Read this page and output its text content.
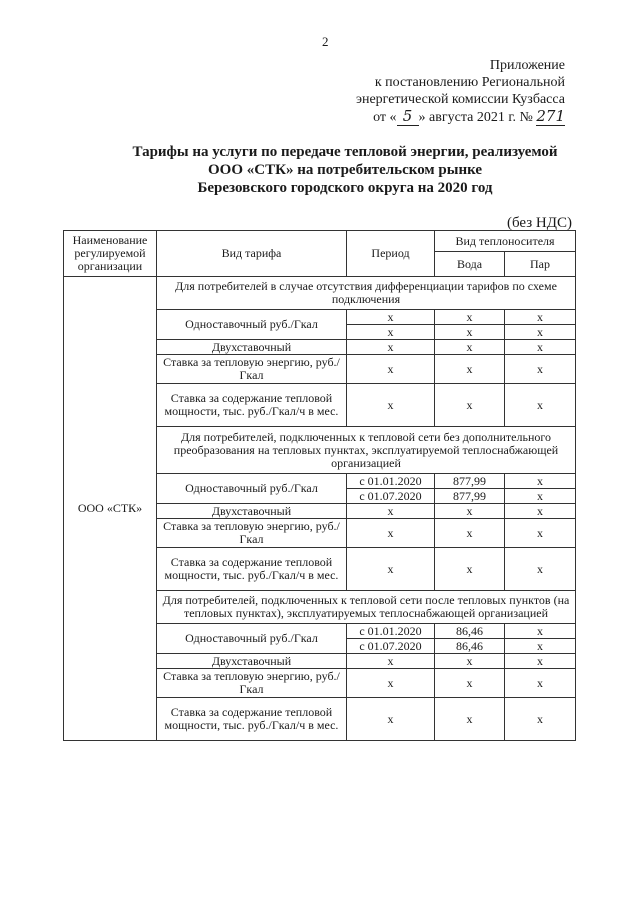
2
Приложение
к постановлению Региональной
энергетической комиссии Кузбасса
от « 5 » августа 2021 г. № 271
Тарифы на услуги по передаче тепловой энергии, реализуемой
ООО «СТК» на потребительском рынке
Березовского городского округа на 2020 год
(без НДС)
Наименование регулируемой организации	Вид тарифа	Период	Вид теплоносителя	
			Вода	Пар
ООО «СТК»	Для потребителей в случае отсутствия дифференциации тарифов по схеме подключения			
	Одноставочный руб./Гкал	х	х	х
		х	х	х
	Двухставочный	х	х	х
	Ставка за тепловую энергию, руб./Гкал	х	х	х
	Ставка за содержание тепловой мощности, тыс. руб./Гкал/ч в мес.	х	х	х
	Для потребителей, подключенных к тепловой сети без дополнительного преобразования на тепловых пунктах, эксплуатируемой теплоснабжающей организацией			
	Одноставочный руб./Гкал	с 01.01.2020	877,99	х
		с 01.07.2020	877,99	х
	Двухставочный	х	х	х
	Ставка за тепловую энергию, руб./Гкал	х	х	х
	Ставка за содержание тепловой мощности, тыс. руб./Гкал/ч в мес.	х	х	х
	Для потребителей, подключенных к тепловой сети после тепловых пунктов (на тепловых пунктах), эксплуатируемых теплоснабжающей организацией			
	Одноставочный руб./Гкал	с 01.01.2020	86,46	х
		с 01.07.2020	86,46	х
	Двухставочный	х	х	х
	Ставка за тепловую энергию, руб./Гкал	х	х	х
	Ставка за содержание тепловой мощности, тыс. руб./Гкал/ч в мес.	х	х	х
